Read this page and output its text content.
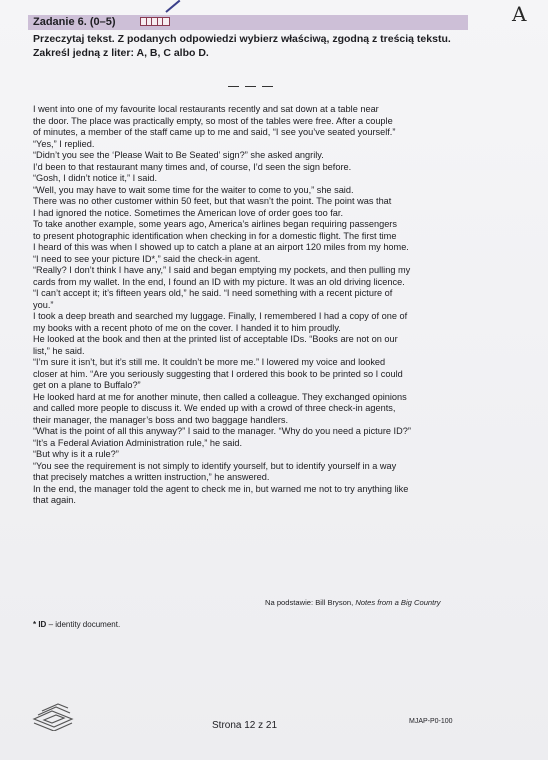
Zadanie 6. (0–5)	A

Przeczytaj tekst. Z podanych odpowiedzi wybierz właściwą, zgodną z treścią tekstu.

Zakreśl jedną z liter: A, B, C albo D.

I went into one of my favourite local restaurants recently and sat down at a table near

the door. The place was practically empty, so most of the tables were free. After a couple

of minutes, a member of the staff came up to me and said, “I see you’ve seated yourself.”

“Yes,” I replied.

“Didn’t you see the ‘Please Wait to Be Seated’ sign?” she asked angrily.

I’d been to that restaurant many times and, of course, I’d seen the sign before.

“Gosh, I didn’t notice it,” I said.

“Well, you may have to wait some time for the waiter to come to you,” she said.

There was no other customer within 50 feet, but that wasn’t the point. The point was that

I had ignored the notice. Sometimes the American love of order goes too far.

To take another example, some years ago, America’s airlines began requiring passengers

to present photographic identification when checking in for a domestic flight. The first time

I heard of this was when I showed up to catch a plane at an airport 120 miles from my home.

“I need to see your picture ID*,” said the check-in agent.

“Really? I don’t think I have any,” I said and began emptying my pockets, and then pulling my

cards from my wallet. In the end, I found an ID with my picture. It was an old driving licence.

“I can’t accept it; it’s fifteen years old,” he said. “I need something with a recent picture of

you.”

I took a deep breath and searched my luggage. Finally, I remembered I had a copy of one of

my books with a recent photo of me on the cover. I handed it to him proudly.

He looked at the book and then at the printed list of acceptable IDs. “Books are not on our

list,” he said.

“I’m sure it isn’t, but it’s still me. It couldn’t be more me.” I lowered my voice and looked

closer at him. “Are you seriously suggesting that I ordered this book to be printed so I could

get on a plane to Buffalo?”

He looked hard at me for another minute, then called a colleague. They exchanged opinions

and called more people to discuss it. We ended up with a crowd of three check-in agents,

their manager, the manager’s boss and two baggage handlers.

“What is the point of all this anyway?” I said to the manager. “Why do you need a picture ID?”

“It’s a Federal Aviation Administration rule,” he said.

“But why is it a rule?”

“You see the requirement is not simply to identify yourself, but to identify yourself in a way

that precisely matches a written instruction,” he answered.

In the end, the manager told the agent to check me in, but warned me not to try anything like

that again.

Na podstawie: Bill Bryson, Notes from a Big Country
* ID – identity document.
Strona 12 z 21	MJAP-P0-100
